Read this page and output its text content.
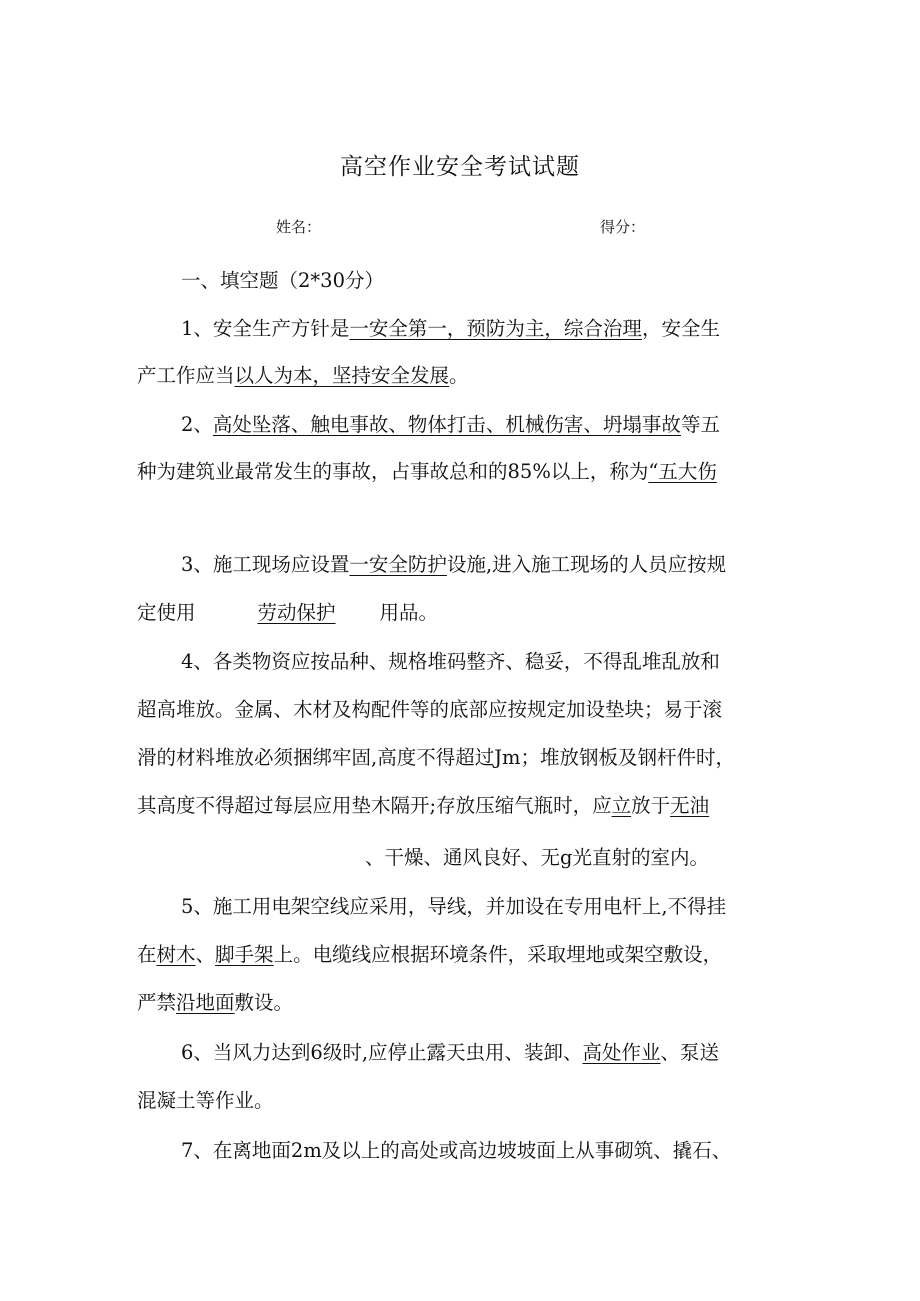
高空作业安全考试试题
姓名：	得分：
一、填空题（2*30分）
1、安全生产方针是一安全第一，预防为主，综合治理，安全生
产工作应当以人为本，坚持安全发展。
2、高处坠落、触电事故、物体打击、机械伤害、坍塌事故等五
种为建筑业最常发生的事故，占事故总和的85%以上，称为“五大伤
3、施工现场应设置一安全防护设施,进入施工现场的人员应按规
定使用	劳动保护 用品。
4、各类物资应按品种、规格堆码整齐、稳妥，不得乱堆乱放和
超高堆放。金属、木材及构配件等的底部应按规定加设垫块；易于滚
滑的材料堆放必须捆绑牢固,高度不得超过Jm；堆放钢板及钢杆件时，
其高度不得超过每层应用垫木隔开;存放压缩气瓶时，应立放于无油
、干燥、通风良好、无g光直射的室内。
5、施工用电架空线应采用，导线，并加设在专用电杆上,不得挂
在树木、脚手架上。电缆线应根据环境条件，采取埋地或架空敷设，
严禁沿地面敷设。
6、当风力达到6级时,应停止露天虫用、装卸、高处作业、泵送
混凝土等作业。
7、在离地面2m及以上的高处或高边坡坡面上从事砌筑、撬石、
